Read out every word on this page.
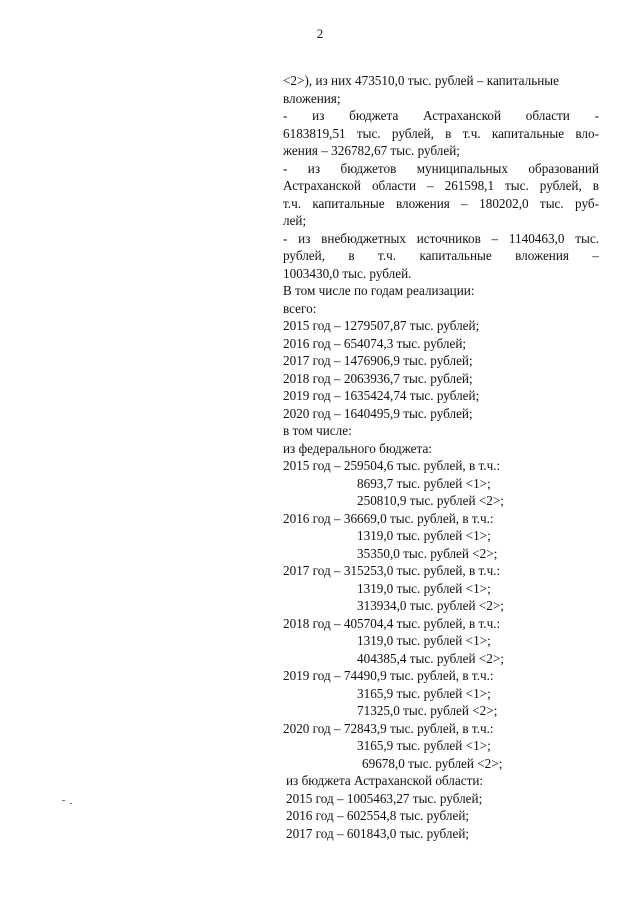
2
<2>), из них 473510,0 тыс. рублей – капитальные
вложения;
- из бюджета Астраханской области -
6183819,51 тыс. рублей, в т.ч. капитальные вло-
жения – 326782,67 тыс. рублей;
- из бюджетов муниципальных образований
Астраханской области – 261598,1 тыс. рублей, в
т.ч. капитальные вложения – 180202,0 тыс. руб-
лей;
- из внебюджетных источников – 1140463,0 тыс.
рублей, в т.ч. капитальные вложения –
1003430,0 тыс. рублей.
В том числе по годам реализации:
всего:
2015 год – 1279507,87 тыс. рублей;
2016 год – 654074,3 тыс. рублей;
2017 год – 1476906,9 тыс. рублей;
2018 год – 2063936,7 тыс. рублей;
2019 год – 1635424,74 тыс. рублей;
2020 год – 1640495,9 тыс. рублей;
в том числе:
из федерального бюджета:
2015 год – 259504,6 тыс. рублей, в т.ч.:
8693,7 тыс. рублей <1>;
250810,9 тыс. рублей <2>;
2016 год – 36669,0 тыс. рублей, в т.ч.:
1319,0 тыс. рублей <1>;
35350,0 тыс. рублей <2>;
2017 год – 315253,0 тыс. рублей, в т.ч.:
1319,0 тыс. рублей <1>;
313934,0 тыс. рублей <2>;
2018 год – 405704,4 тыс. рублей, в т.ч.:
1319,0 тыс. рублей <1>;
404385,4 тыс. рублей <2>;
2019 год – 74490,9 тыс. рублей, в т.ч.:
3165,9 тыс. рублей <1>;
71325,0 тыс. рублей <2>;
2020 год – 72843,9 тыс. рублей, в т.ч.:
3165,9 тыс. рублей <1>;
69678,0 тыс. рублей <2>;
из бюджета Астраханской области:
2015 год – 1005463,27 тыс. рублей;
2016 год – 602554,8 тыс. рублей;
2017 год – 601843,0 тыс. рублей;
